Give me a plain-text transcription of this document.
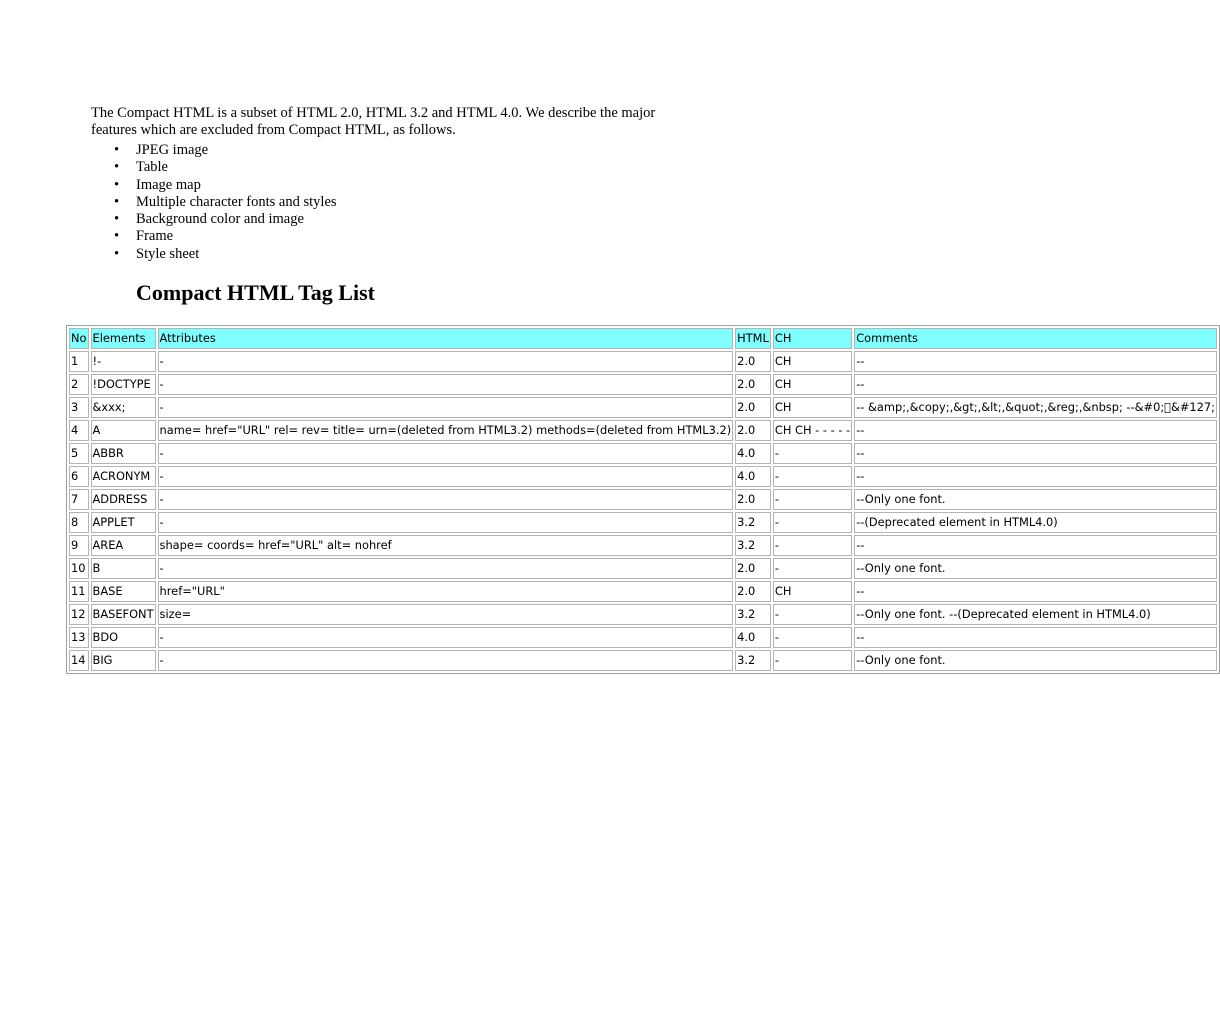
The Compact HTML is a subset of HTML 2.0, HTML 3.2 and HTML 4.0. We describe the major features which are excluded from Compact HTML, as follows.

• JPEG image
• Table
• Image map
• Multiple character fonts and styles
• Background color and image
• Frame
• Style sheet
Compact HTML Tag List
No	Elements	Attributes	HTML	CH	Comments
1	!-	-	2.0	CH	--
2	!DOCTYPE	-	2.0	CH	--
3	&xxx;	-	2.0	CH	-- &amp;,&copy;,&gt;,&lt;,&quot;,&reg;,&nbsp; --&#0;􏿿&#127;
4	A	name= href="URL" rel= rev= title= urn=(deleted from HTML3.2) methods=(deleted from HTML3.2)	2.0	CH CH - - - - -	--
5	ABBR	-	4.0	-	--
6	ACRONYM	-	4.0	-	--
7	ADDRESS	-	2.0	-	--Only one font.
8	APPLET	-	3.2	-	--(Deprecated element in HTML4.0)
9	AREA	shape= coords= href="URL" alt= nohref	3.2	-	--
10	B	-	2.0	-	--Only one font.
11	BASE	href="URL"	2.0	CH	--
12	BASEFONT	size=	3.2	-	--Only one font. --(Deprecated element in HTML4.0)
13	BDO	-	4.0	-	--
14	BIG	-	3.2	-	--Only one font.
